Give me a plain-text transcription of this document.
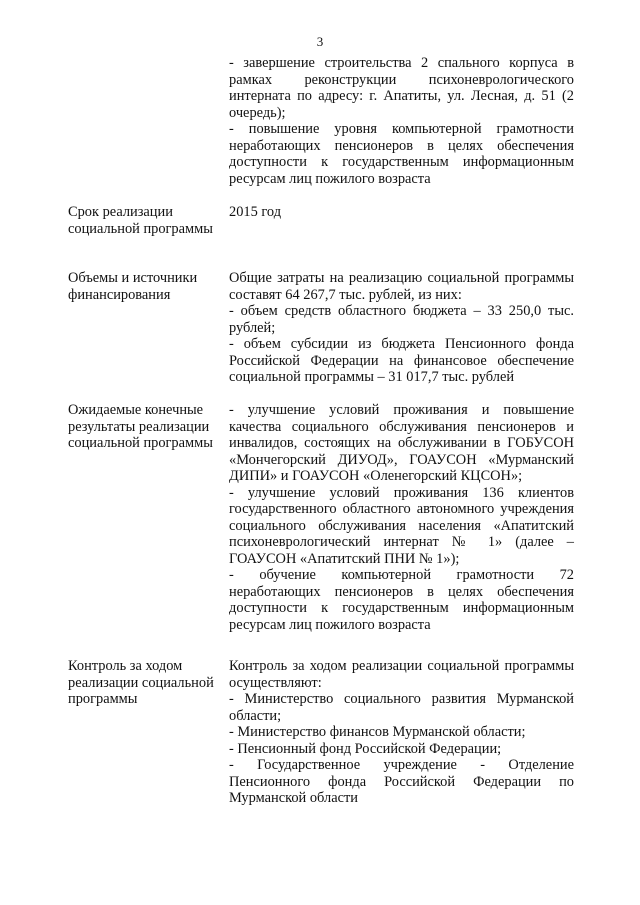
3

- завершение строительства 2 спального корпуса в рамках реконструкции психоневрологического интерната по адресу: г. Апатиты, ул. Лесная, д. 51 (2 очередь);

- повышение уровня компьютерной грамотности неработающих пенсионеров в целях обеспечения доступности к государственным информационным ресурсам лиц пожилого возраста

Срок реализации социальной программы

2015 год

Объемы и источники финансирования

Общие затраты на реализацию социальной программы составят 64 267,7 тыс. рублей, из них:

- объем средств областного бюджета – 33 250,0 тыс. рублей;

- объем субсидии из бюджета Пенсионного фонда Российской Федерации на финансовое обеспечение социальной программы – 31 017,7 тыс. рублей

Ожидаемые конечные результаты реализации социальной программы

- улучшение условий проживания и повышение качества социального обслуживания пенсионеров и инвалидов, состоящих на обслуживании в ГОБУСОН «Мончегорский ДИУОД», ГОАУСОН «Мурманский ДИПИ» и ГОАУСОН «Оленегорский КЦСОН»;

- улучшение условий проживания 136 клиентов государственного областного автономного учреждения социального обслуживания населения «Апатитский психоневрологический интернат № 1» (далее – ГОАУСОН «Апатитский ПНИ № 1»);

- обучение компьютерной грамотности 72 неработающих пенсионеров в целях обеспечения доступности к государственным информационным ресурсам лиц пожилого возраста

Контроль за ходом реализации социальной программы

Контроль за ходом реализации социальной программы осуществляют:

- Министерство социального развития Мурманской области;

- Министерство финансов Мурманской области;

- Пенсионный фонд Российской Федерации;

- Государственное учреждение - Отделение Пенсионного фонда Российской Федерации по Мурманской области
